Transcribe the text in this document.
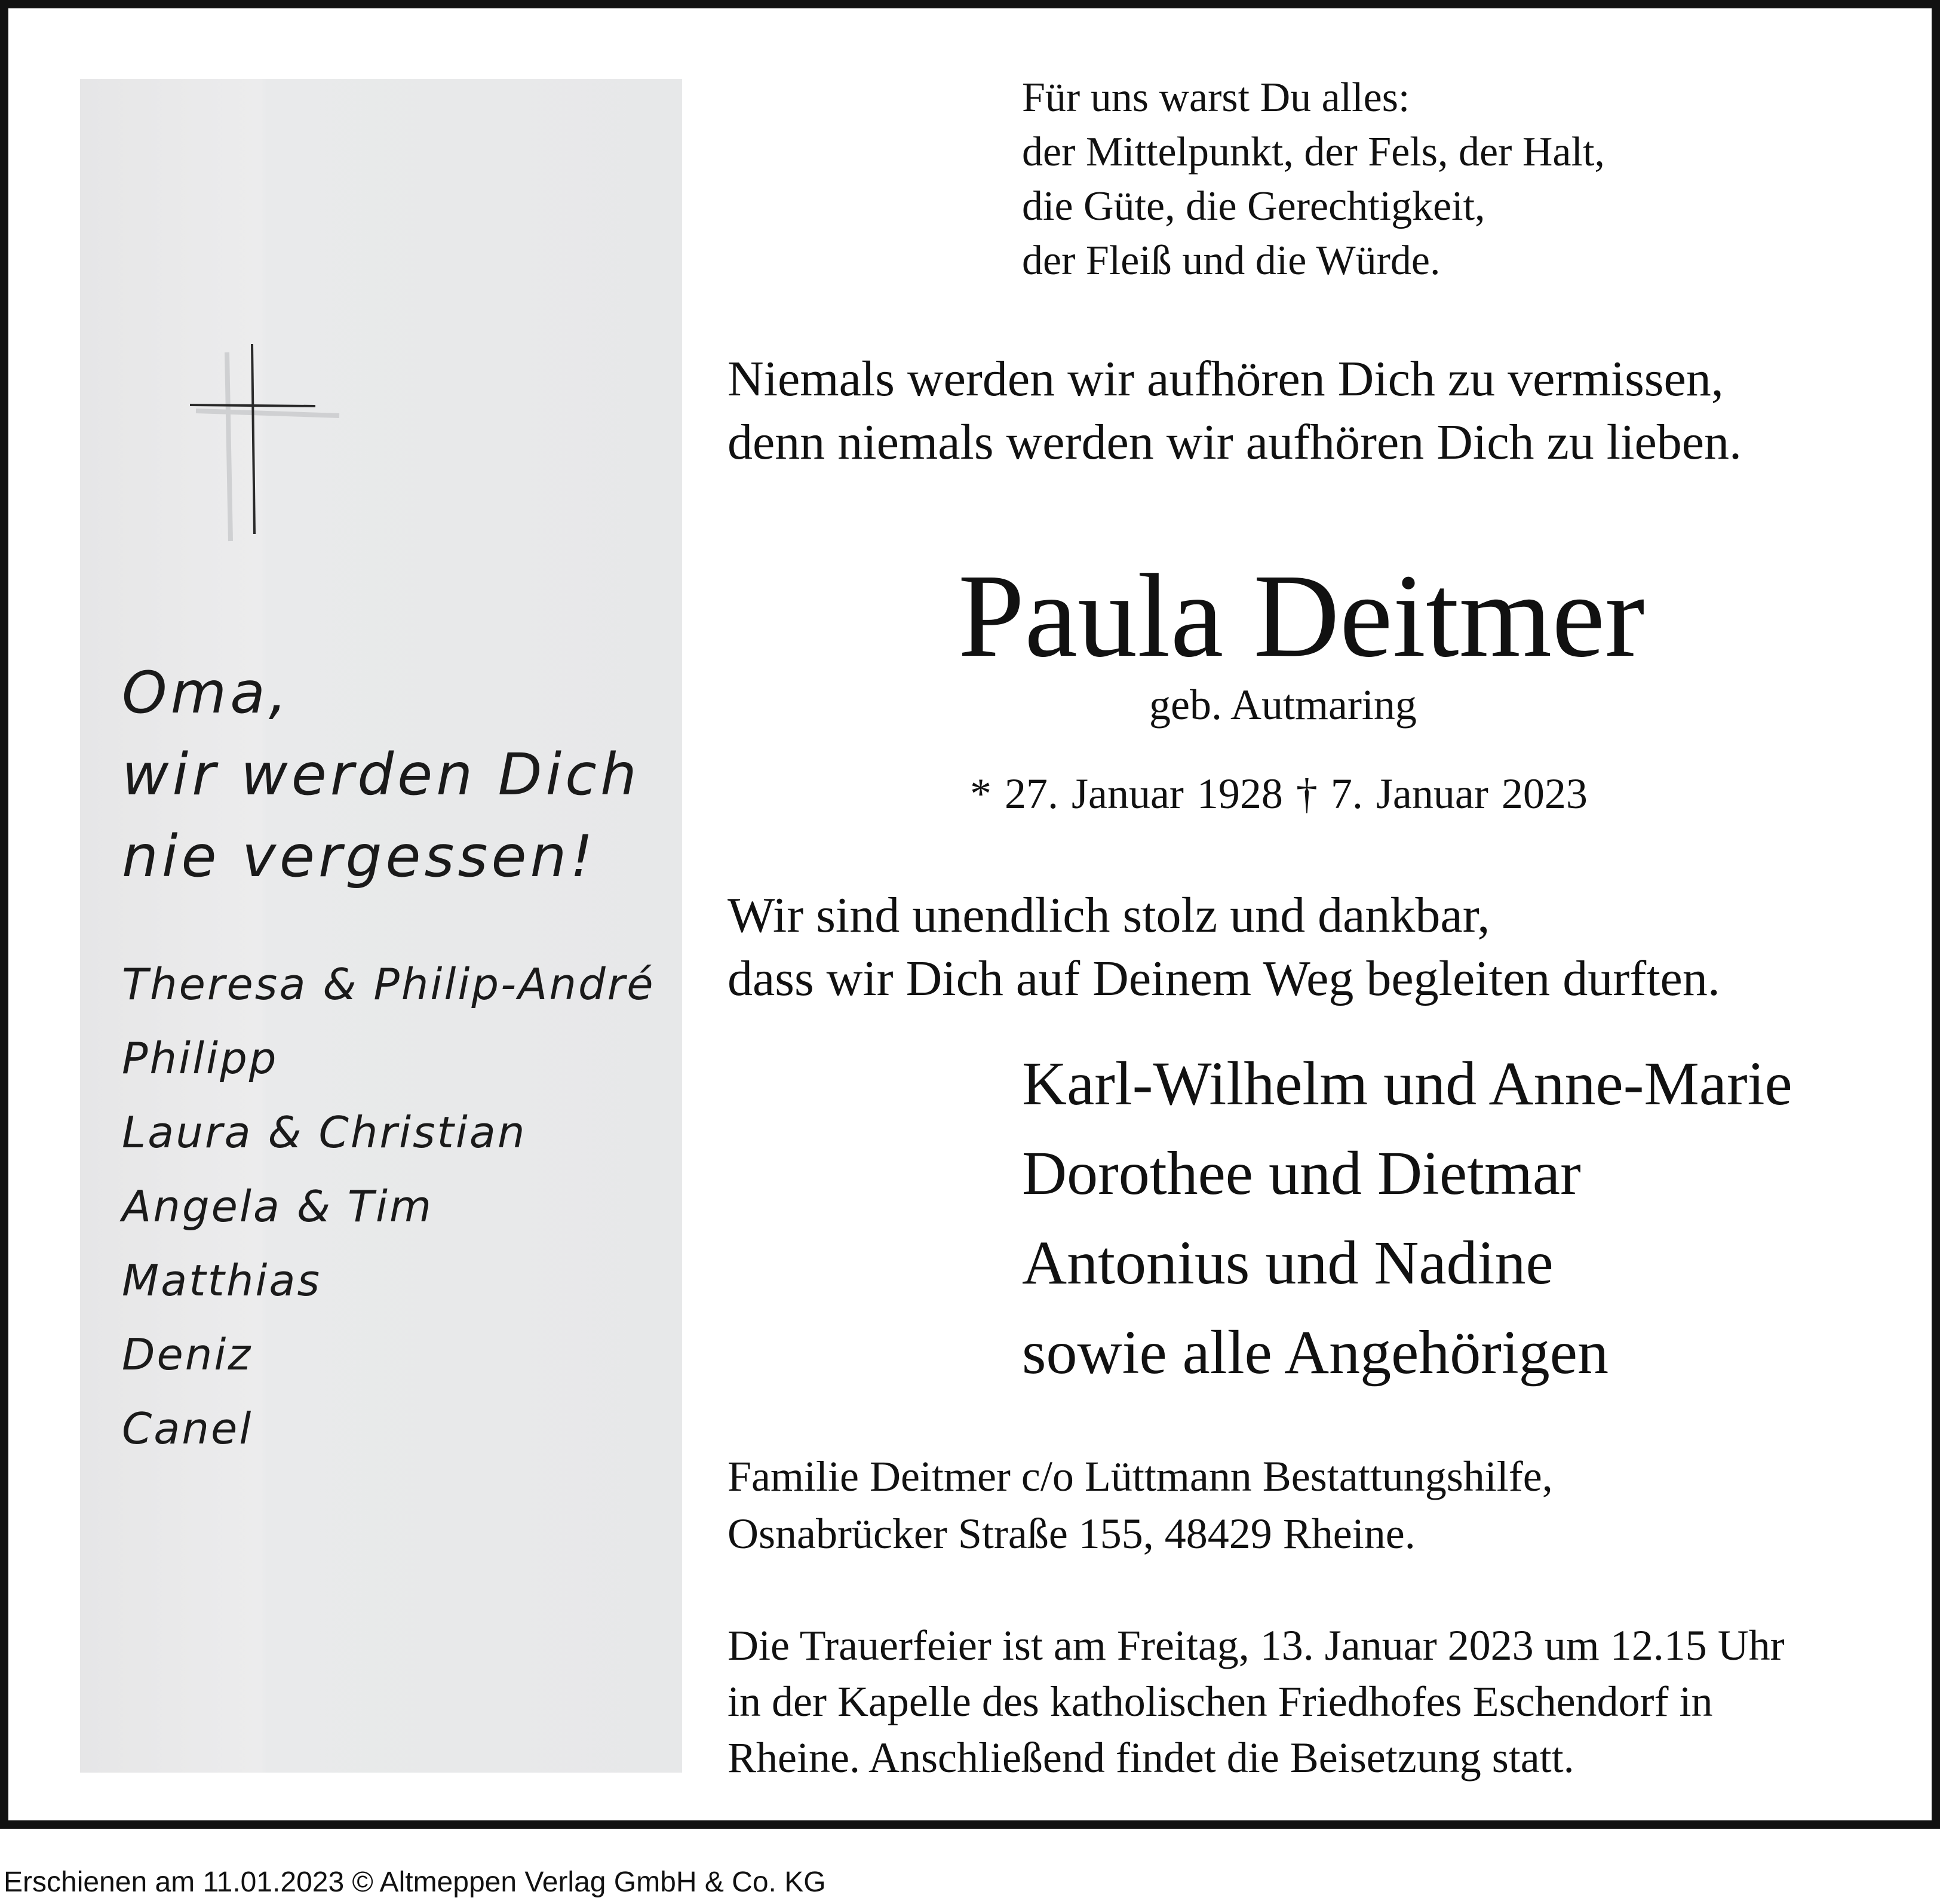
Oma,
wir werden Dich
nie vergessen!
Theresa & Philip-André
Philipp
Laura & Christian
Angela & Tim
Matthias
Deniz
Canel
Für uns warst Du alles:
der Mittelpunkt, der Fels, der Halt,
die Güte, die Gerechtigkeit,
der Fleiß und die Würde.
Niemals werden wir aufhören Dich zu vermissen,
denn niemals werden wir aufhören Dich zu lieben.
Paula Deitmer
geb. Autmaring
* 27. Januar 1928 † 7. Januar 2023
Wir sind unendlich stolz und dankbar,
dass wir Dich auf Deinem Weg begleiten durften.
Karl-Wilhelm und Anne-Marie
Dorothee und Dietmar
Antonius und Nadine
sowie alle Angehörigen
Familie Deitmer c/o Lüttmann Bestattungshilfe,
Osnabrücker Straße 155, 48429 Rheine.
Die Trauerfeier ist am Freitag, 13. Januar 2023 um 12.15 Uhr
in der Kapelle des katholischen Friedhofes Eschendorf in
Rheine. Anschließend findet die Beisetzung statt.
Erschienen am 11.01.2023 © Altmeppen Verlag GmbH & Co. KG
